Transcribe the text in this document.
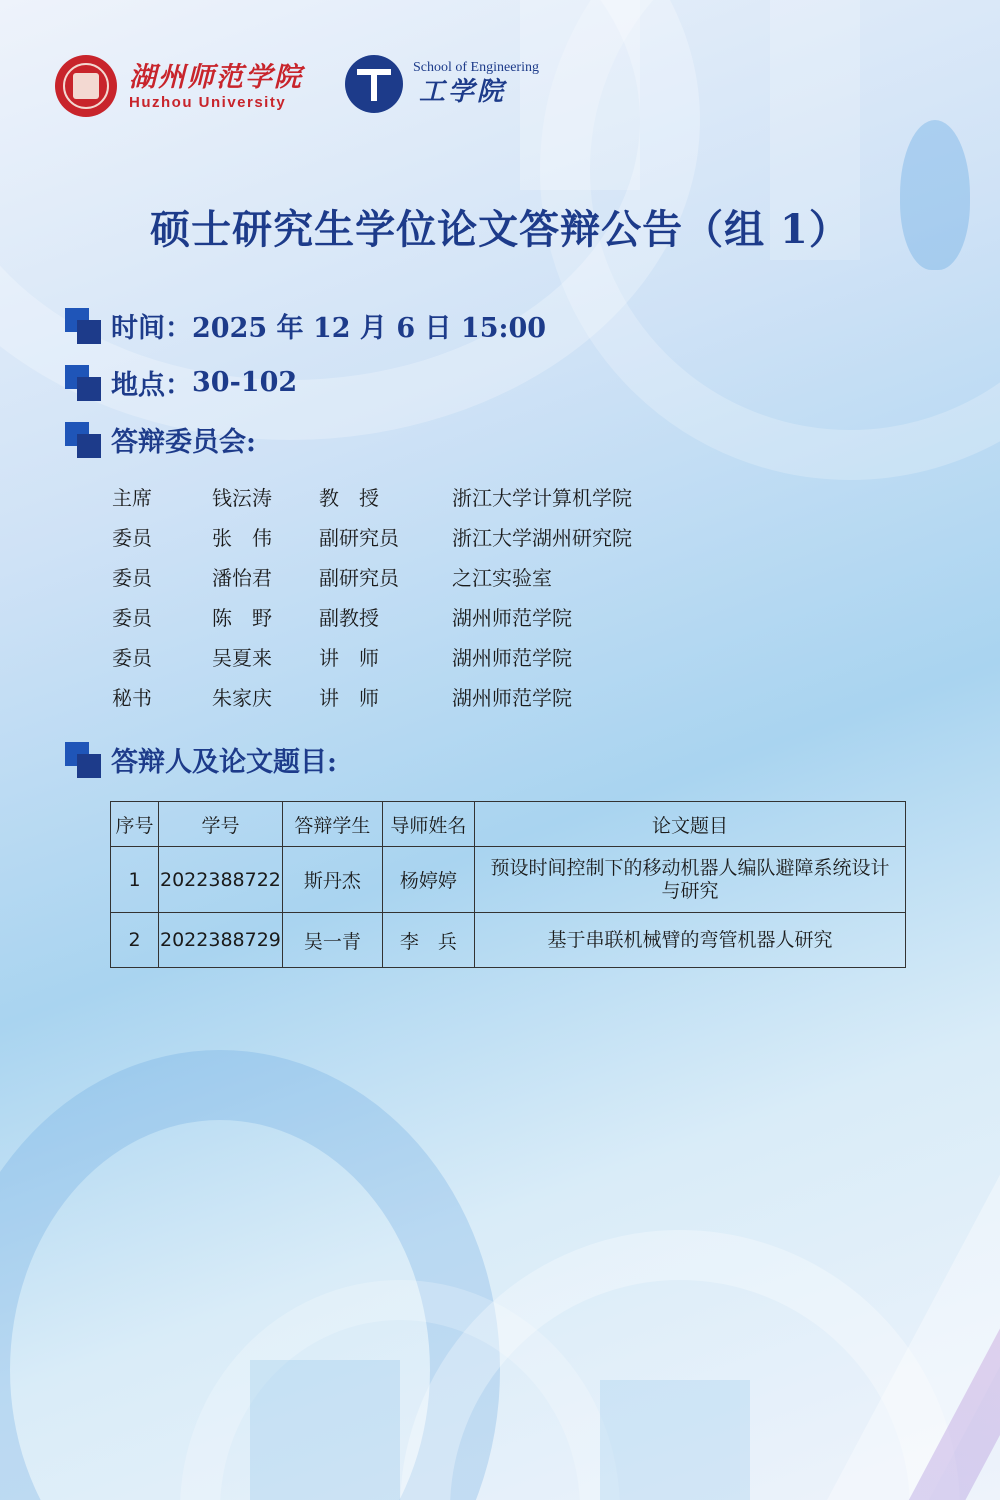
湖州师范学院
Huzhou University
School of Engineering
工学院
硕士研究生学位论文答辩公告（组 1）
时间： 2025 年 12 月 6 日 15:00
地点： 30-102
答辩委员会:
主席	钱沄涛	教　授	浙江大学计算机学院
委员	张　伟	副研究员	浙江大学湖州研究院
委员	潘怡君	副研究员	之江实验室
委员	陈　野	副教授	湖州师范学院
委员	吴夏来	讲　师	湖州师范学院
秘书	朱家庆	讲　师	湖州师范学院
答辩人及论文题目:
序号	学号	答辩学生	导师姓名	论文题目
1	2022388722	斯丹杰	杨婷婷	预设时间控制下的移动机器人编队避障系统设计与研究
2	2022388729	吴一青	李　兵	基于串联机械臂的弯管机器人研究
